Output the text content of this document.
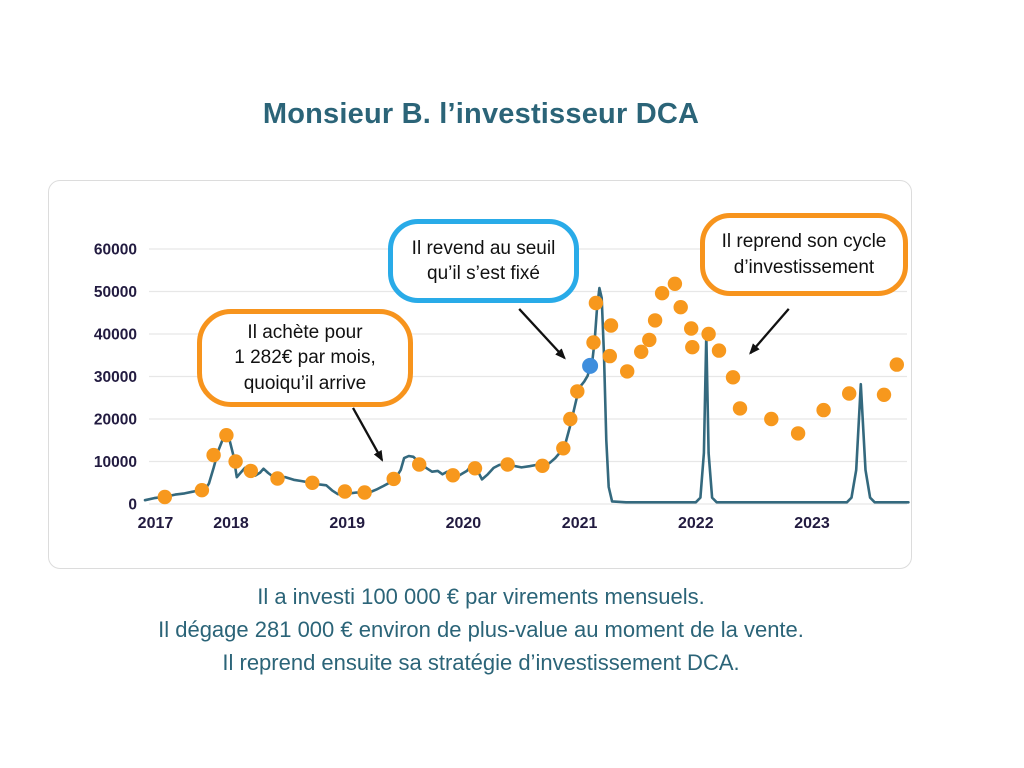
Monsieur B. l’investisseur DCA
0
10000
20000
30000
40000
50000
60000
2017 2018	2019	2020	2021	2022	2023
Il achète pour
1 282€ par mois,
quoiqu’il arrive
Il revend au seuil
qu’il s’est fixé
Il reprend son cycle
d’investissement

Il a investi 100 000 € par virements mensuels.

Il dégage 281 000 € environ de plus-value au moment de la vente.

Il reprend ensuite sa stratégie d’investissement DCA.
